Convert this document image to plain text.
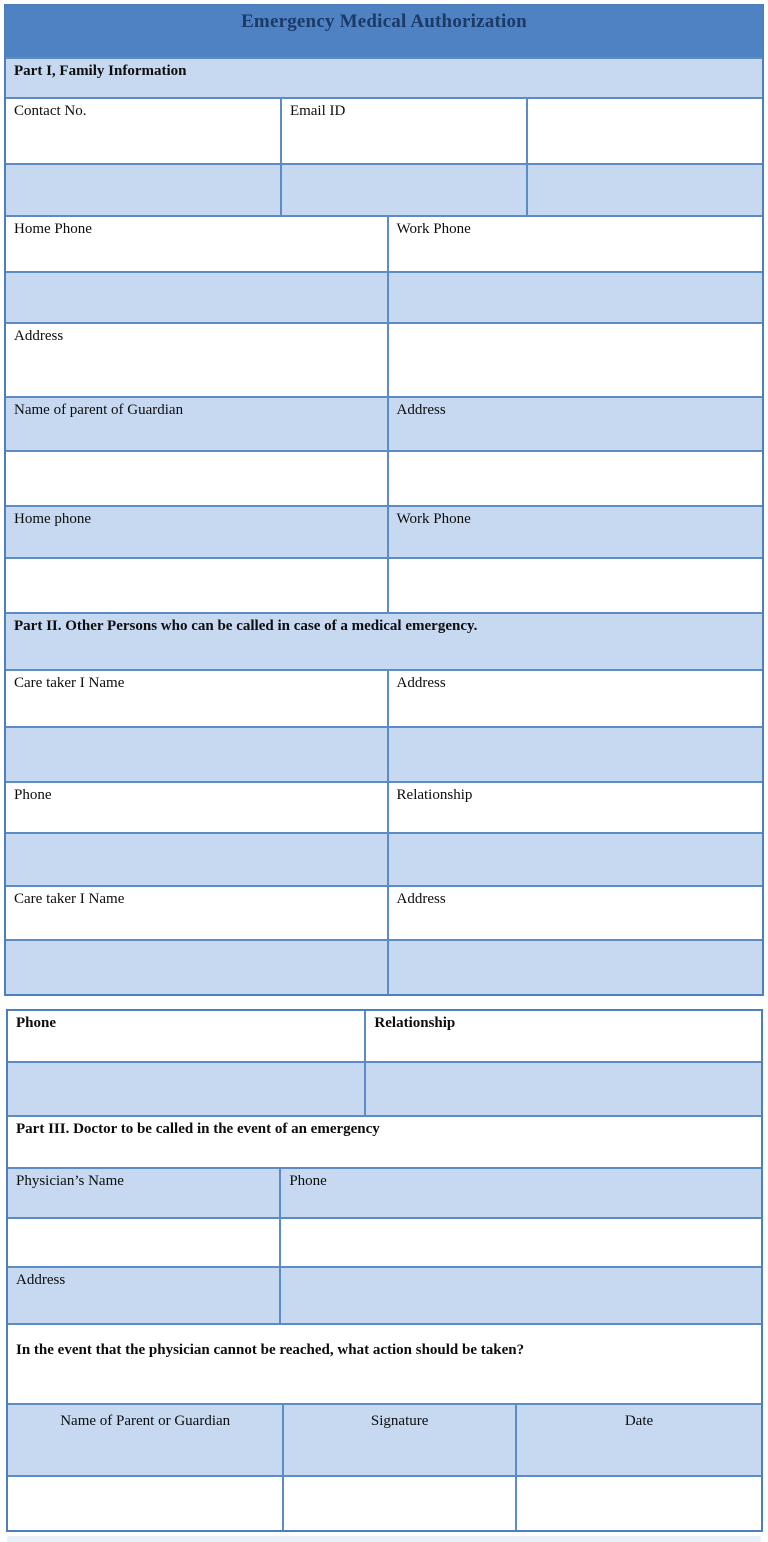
Emergency Medical Authorization
Part I, Family Information
Contact No.	Email ID
Home Phone	Work Phone
Address
Name of parent of Guardian	Address
Home phone	Work Phone
Part II. Other Persons who can be called in case of a medical emergency.
Care taker I Name	Address
Phone	Relationship
Care taker I Name	Address
Phone	Relationship
Part III. Doctor to be called in the event of an emergency
Physician’s Name	Phone
Address
In the event that the physician cannot be reached, what action should be taken?
Name of Parent or Guardian	Signature	Date
